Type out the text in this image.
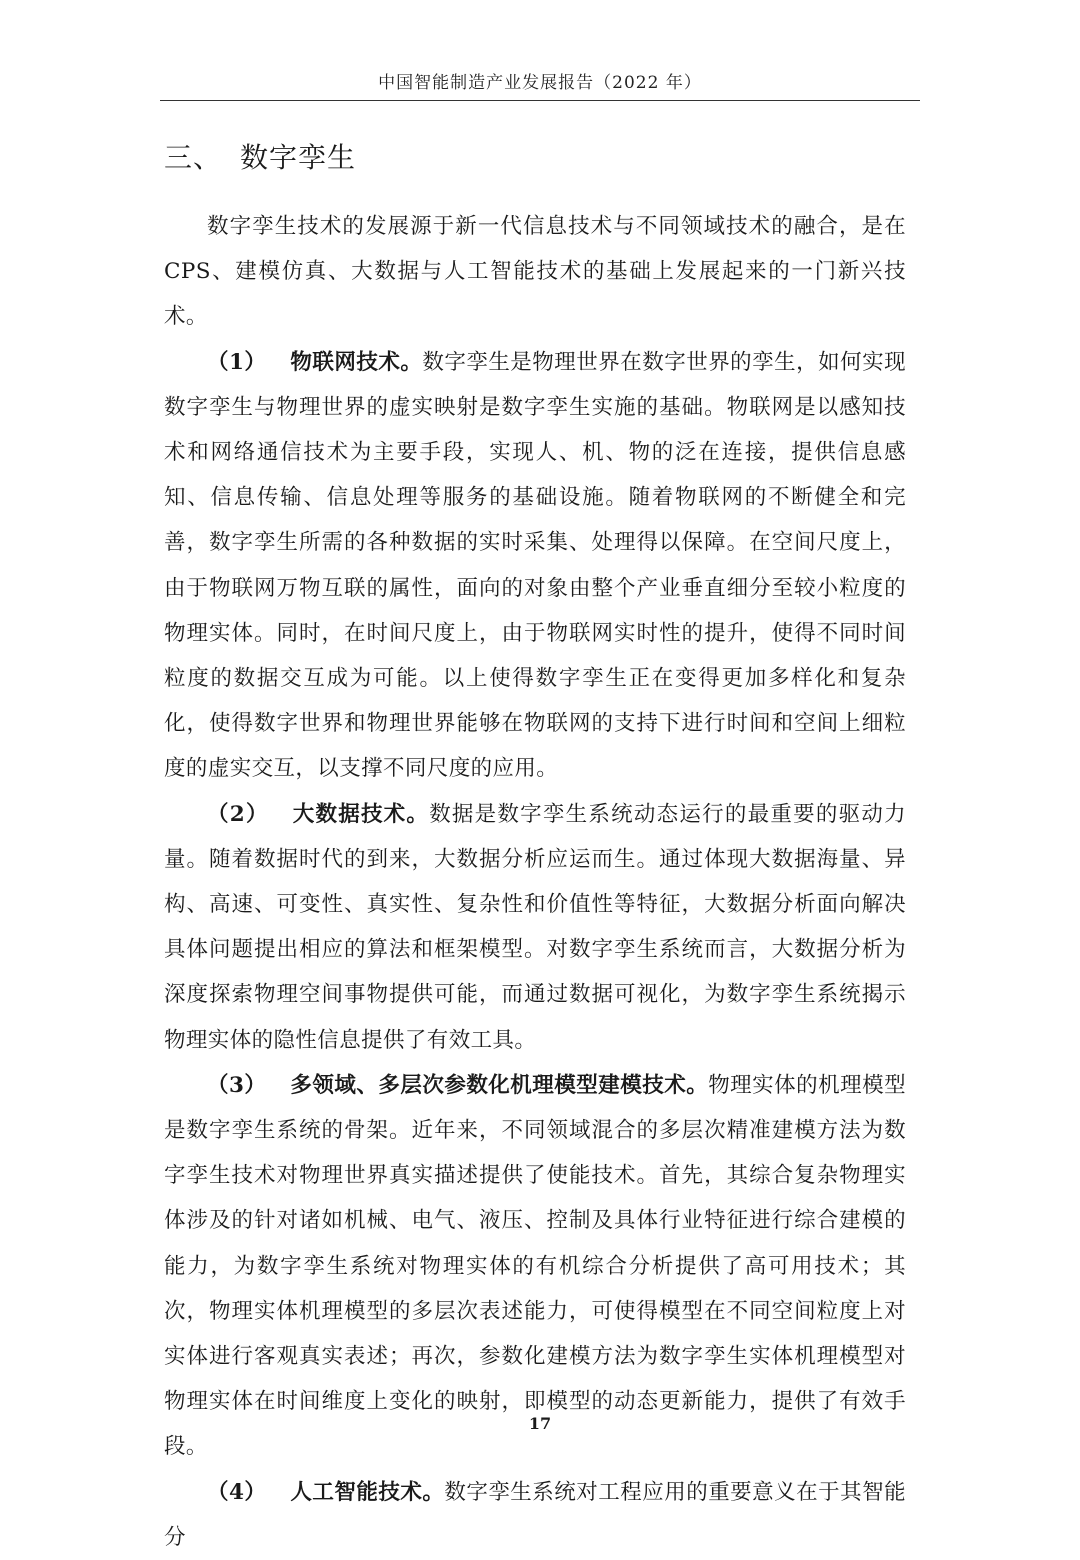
中国智能制造产业发展报告（2022 年）
三、 数字孪生

数字孪生技术的发展源于新一代信息技术与不同领域技术的融合，是在CPS、建模仿真、大数据与人工智能技术的基础上发展起来的一门新兴技术。

（1） 物联网技术。数字孪生是物理世界在数字世界的孪生，如何实现数字孪生与物理世界的虚实映射是数字孪生实施的基础。物联网是以感知技术和网络通信技术为主要手段，实现人、机、物的泛在连接，提供信息感知、信息传输、信息处理等服务的基础设施。随着物联网的不断健全和完善，数字孪生所需的各种数据的实时采集、处理得以保障。在空间尺度上，由于物联网万物互联的属性，面向的对象由整个产业垂直细分至较小粒度的物理实体。同时，在时间尺度上，由于物联网实时性的提升，使得不同时间粒度的数据交互成为可能。以上使得数字孪生正在变得更加多样化和复杂化，使得数字世界和物理世界能够在物联网的支持下进行时间和空间上细粒度的虚实交互，以支撑不同尺度的应用。

（2） 大数据技术。数据是数字孪生系统动态运行的最重要的驱动力量。随着数据时代的到来，大数据分析应运而生。通过体现大数据海量、异构、高速、可变性、真实性、复杂性和价值性等特征，大数据分析面向解决具体问题提出相应的算法和框架模型。对数字孪生系统而言，大数据分析为深度探索物理空间事物提供可能，而通过数据可视化，为数字孪生系统揭示物理实体的隐性信息提供了有效工具。

（3） 多领域、多层次参数化机理模型建模技术。物理实体的机理模型是数字孪生系统的骨架。近年来，不同领域混合的多层次精准建模方法为数字孪生技术对物理世界真实描述提供了使能技术。首先，其综合复杂物理实体涉及的针对诸如机械、电气、液压、控制及具体行业特征进行综合建模的能力，为数字孪生系统对物理实体的有机综合分析提供了高可用技术；其次，物理实体机理模型的多层次表述能力，可使得模型在不同空间粒度上对实体进行客观真实表述；再次，参数化建模方法为数字孪生实体机理模型对物理实体在时间维度上变化的映射，即模型的动态更新能力，提供了有效手段。

（4） 人工智能技术。数字孪生系统对工程应用的重要意义在于其智能分

17
